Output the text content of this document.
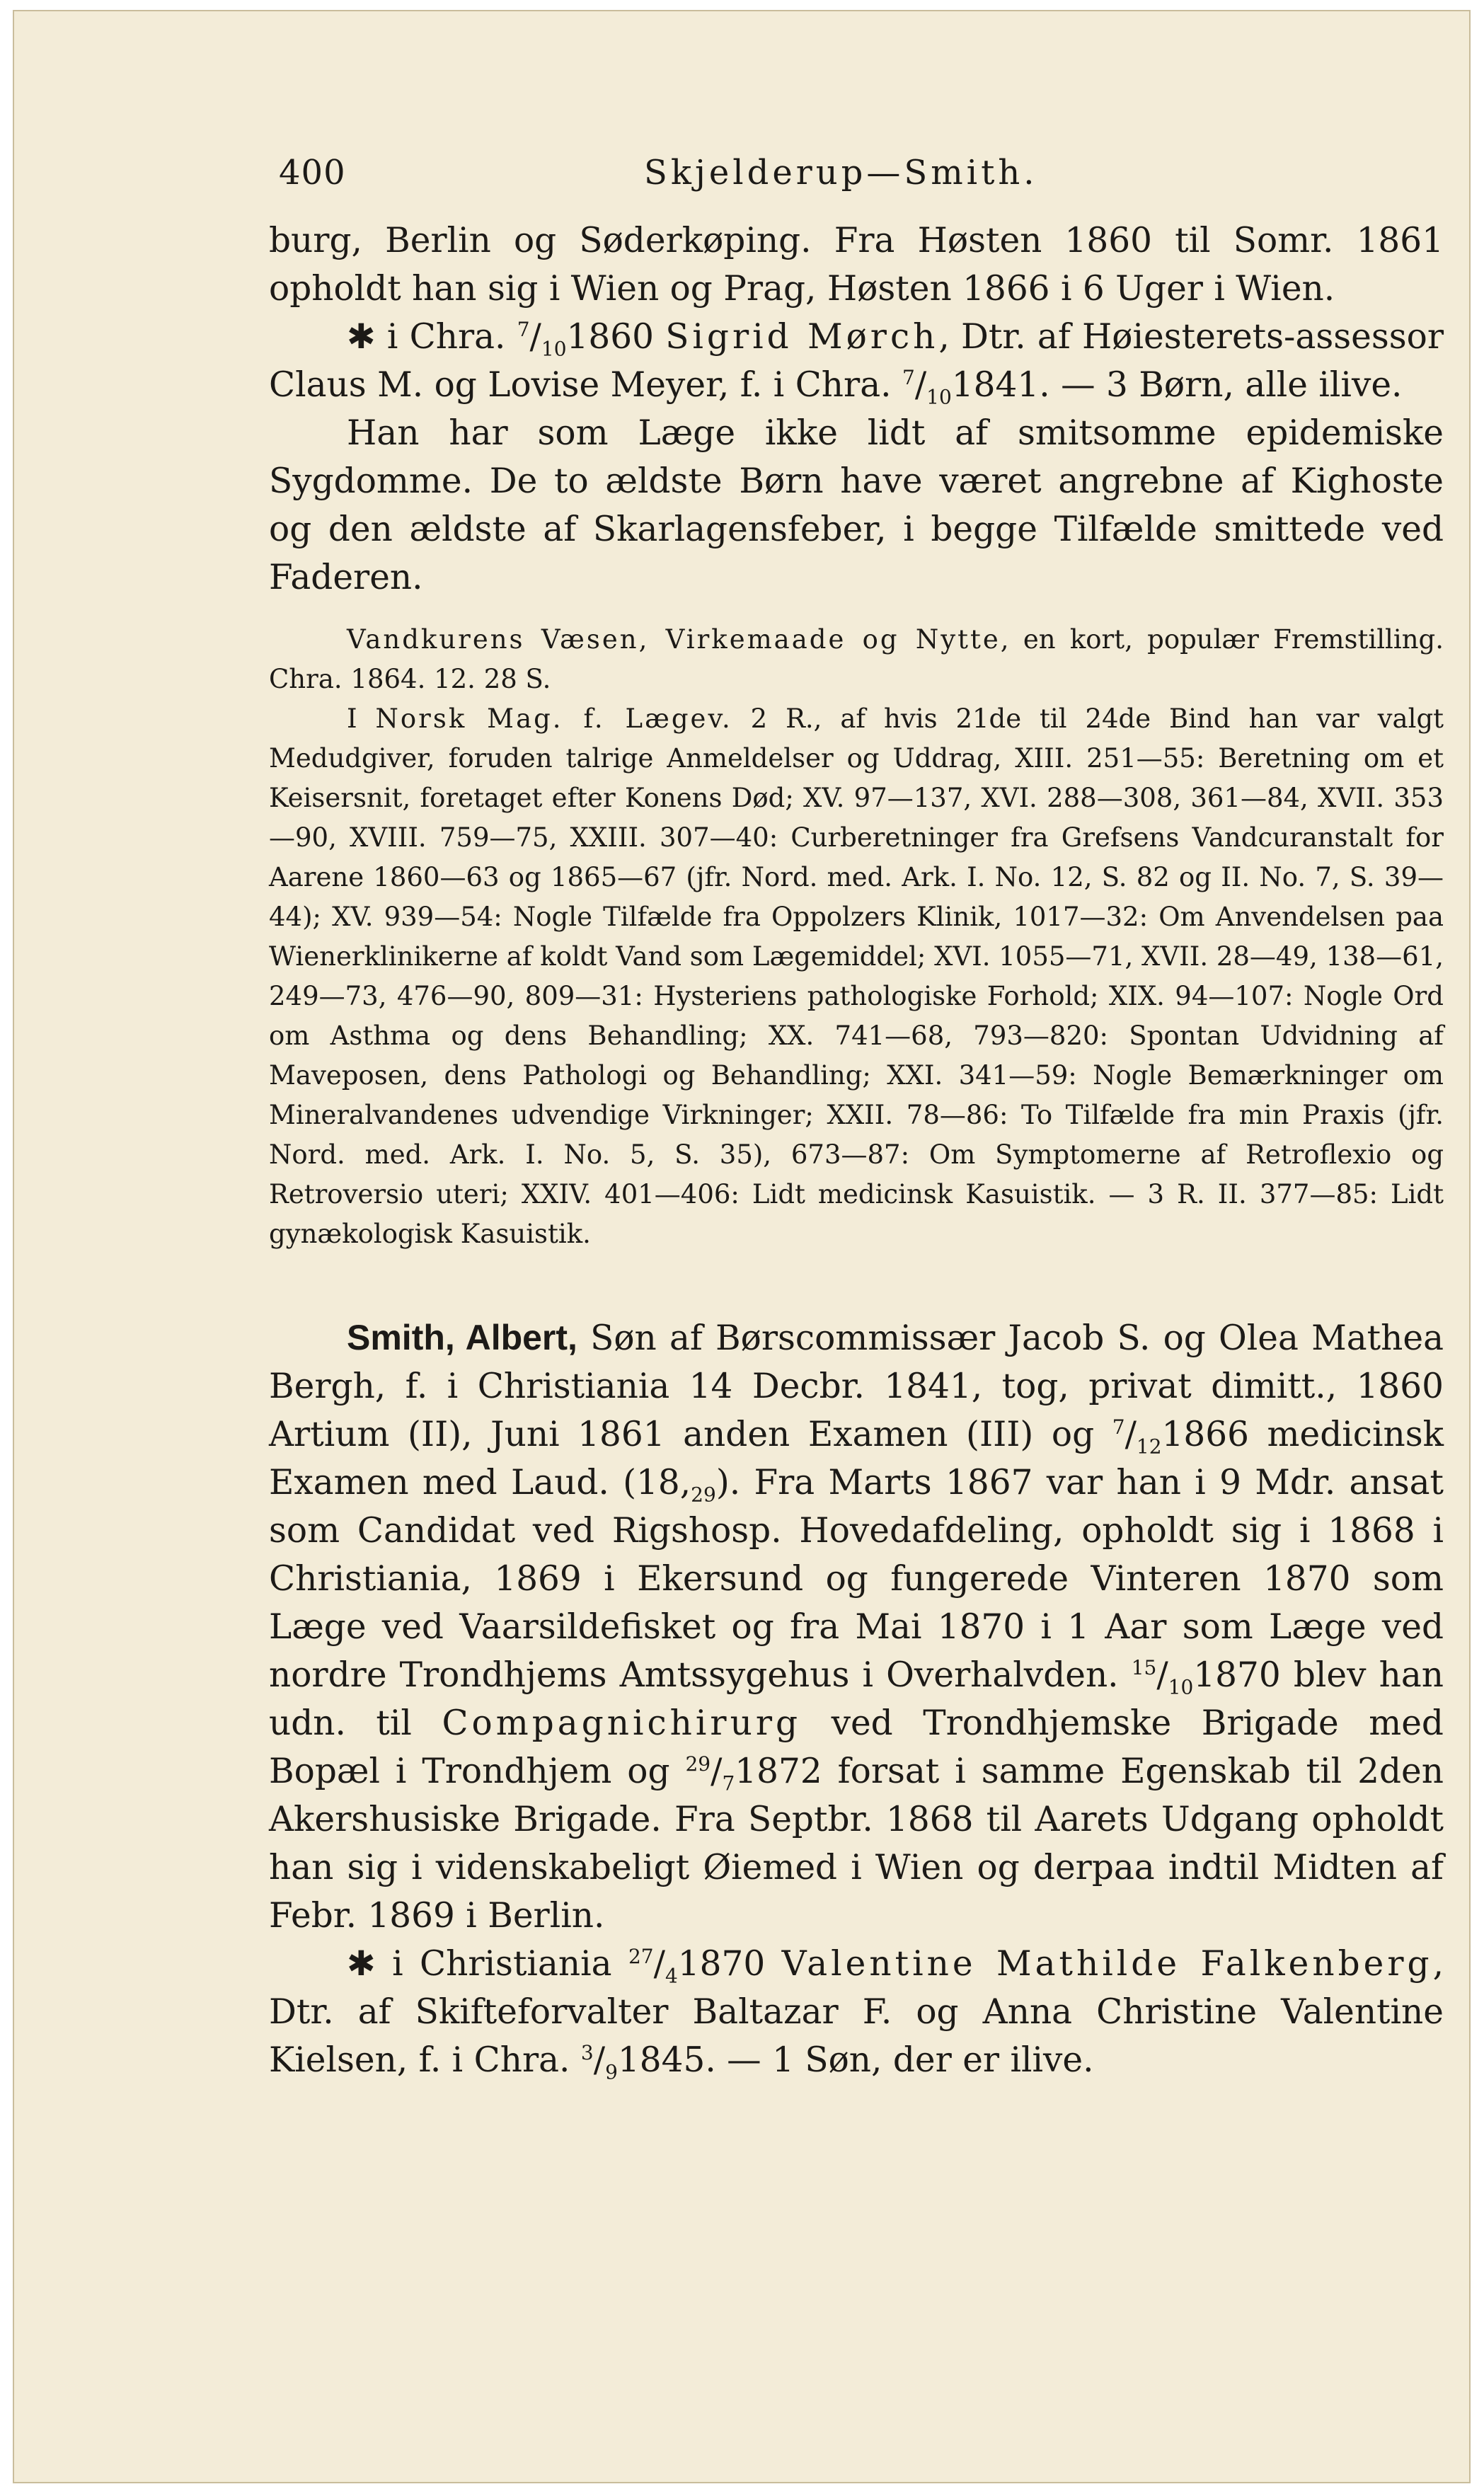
400	Skjelderup—Smith.

burg, Berlin og Søderkøping. Fra Høsten 1860 til Somr. 1861 opholdt han sig i Wien og Prag, Høsten 1866 i 6 Uger i Wien.

✱ i Chra. $^7/_{10}1860$ Sigrid Mørch, Dtr. af Høiesterets-assessor Claus M. og Lovise Meyer, f. i Chra. $^7/_{10}1841$. — 3 Børn, alle ilive.

Han har som Læge ikke lidt af smitsomme epidemiske Sygdomme. De to ældste Børn have været angrebne af Kighoste og den ældste af Skarlagensfeber, i begge Tilfælde smittede ved Faderen.

Vandkurens Væsen, Virkemaade og Nytte, en kort, populær Fremstilling. Chra. 1864. 12. 28 S.

I Norsk Mag. f. Lægev. 2 R., af hvis 21de til 24de Bind han var valgt Medudgiver, foruden talrige Anmeldelser og Uddrag, XIII. 251—55: Beretning om et Keisersnit, foretaget efter Konens Død; XV. 97—137, XVI. 288—308, 361—84, XVII. 353—90, XVIII. 759—75, XXIII. 307—40: Curberetninger fra Grefsens Vandcuranstalt for Aarene 1860—63 og 1865—67 (jfr. Nord. med. Ark. I. No. 12, S. 82 og II. No. 7, S. 39—44); XV. 939—54: Nogle Tilfælde fra Oppolzers Klinik, 1017—32: Om Anvendelsen paa Wienerklinikerne af koldt Vand som Lægemiddel; XVI. 1055—71, XVII. 28—49, 138—61, 249—73, 476—90, 809—31: Hysteriens pathologiske Forhold; XIX. 94—107: Nogle Ord om Asthma og dens Behandling; XX. 741—68, 793—820: Spontan Udvidning af Maveposen, dens Pathologi og Behandling; XXI. 341—59: Nogle Bemærkninger om Mineralvandenes udvendige Virkninger; XXII. 78—86: To Tilfælde fra min Praxis (jfr. Nord. med. Ark. I. No. 5, S. 35), 673—87: Om Symptomerne af Retroflexio og Retroversio uteri; XXIV. 401—406: Lidt medicinsk Kasuistik. — 3 R. II. 377—85: Lidt gynækologisk Kasuistik.

Smith, Albert, Søn af Børscommissær Jacob S. og Olea Mathea Bergh, f. i Christiania 14 Decbr. 1841, tog, privat dimitt., 1860 Artium (II), Juni 1861 anden Examen (III) og $^7/_{12}1866$ medicinsk Examen med Laud. $(18,_{29})$. Fra Marts 1867 var han i 9 Mdr. ansat som Candidat ved Rigshosp. Hovedafdeling, opholdt sig i 1868 i Christiania, 1869 i Ekersund og fungerede Vinteren 1870 som Læge ved Vaarsildefisket og fra Mai 1870 i 1 Aar som Læge ved nordre Trondhjems Amtssygehus i Overhalvden. $^{15}/_{10}1870$ blev han udn. til Compagnichirurg ved Trondhjemske Brigade med Bopæl i Trondhjem og $^{29}/_71872$ forsat i samme Egenskab til 2den Akershusiske Brigade. Fra Septbr. 1868 til Aarets Udgang opholdt han sig i videnskabeligt Øiemed i Wien og derpaa indtil Midten af Febr. 1869 i Berlin.

✱ i Christiania $^{27}/_41870$ Valentine Mathilde Falkenberg, Dtr. af Skifteforvalter Baltazar F. og Anna Christine Valentine Kielsen, f. i Chra. $^3/_91845$. — 1 Søn, der er ilive.
